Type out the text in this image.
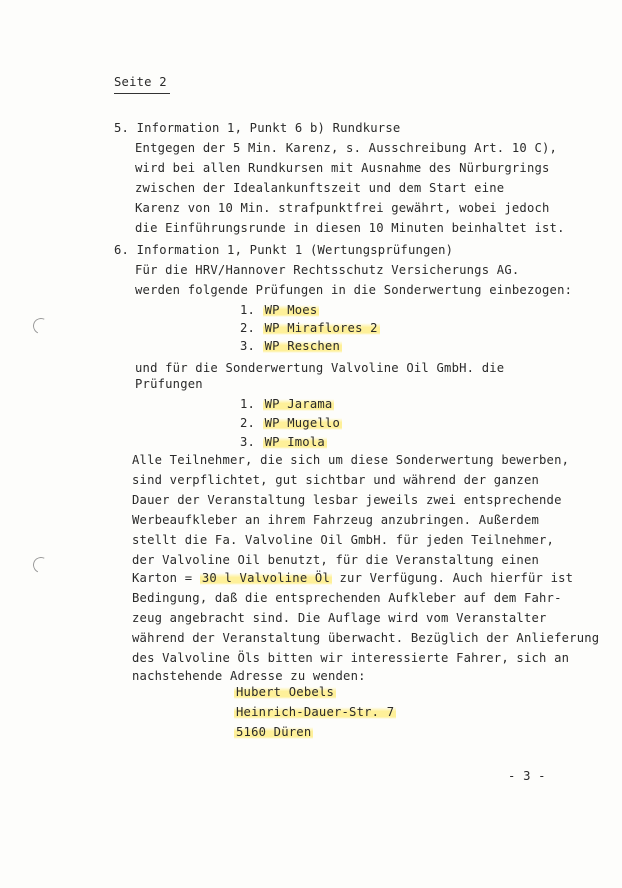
Seite 2
5. Information 1, Punkt 6 b) Rundkurse
Entgegen der 5 Min. Karenz, s. Ausschreibung Art. 10 C),
wird bei allen Rundkursen mit Ausnahme des Nürburgrings
zwischen der Idealankunftszeit und dem Start eine
Karenz von 10 Min. strafpunktfrei gewährt, wobei jedoch
die Einführungsrunde in diesen 10 Minuten beinhaltet ist.
6. Information 1, Punkt 1 (Wertungsprüfungen)
Für die HRV/Hannover Rechtsschutz Versicherungs AG.
werden folgende Prüfungen in die Sonderwertung einbezogen:
1. WP Moes
2. WP Miraflores 2
3. WP Reschen
und für die Sonderwertung Valvoline Oil GmbH. die
Prüfungen
1. WP Jarama
2. WP Mugello
3. WP Imola
Alle Teilnehmer, die sich um diese Sonderwertung bewerben,
sind verpflichtet, gut sichtbar und während der ganzen
Dauer der Veranstaltung lesbar jeweils zwei entsprechende
Werbeaufkleber an ihrem Fahrzeug anzubringen. Außerdem
stellt die Fa. Valvoline Oil GmbH. für jeden Teilnehmer,
der Valvoline Oil benutzt, für die Veranstaltung einen
Karton = 30 l Valvoline Öl zur Verfügung. Auch hierfür ist
Bedingung, daß die entsprechenden Aufkleber auf dem Fahr-
zeug angebracht sind. Die Auflage wird vom Veranstalter
während der Veranstaltung überwacht. Bezüglich der Anlieferung
des Valvoline Öls bitten wir interessierte Fahrer, sich an
nachstehende Adresse zu wenden:
Hubert Oebels
Heinrich-Dauer-Str. 7
5160 Düren
- 3 -
